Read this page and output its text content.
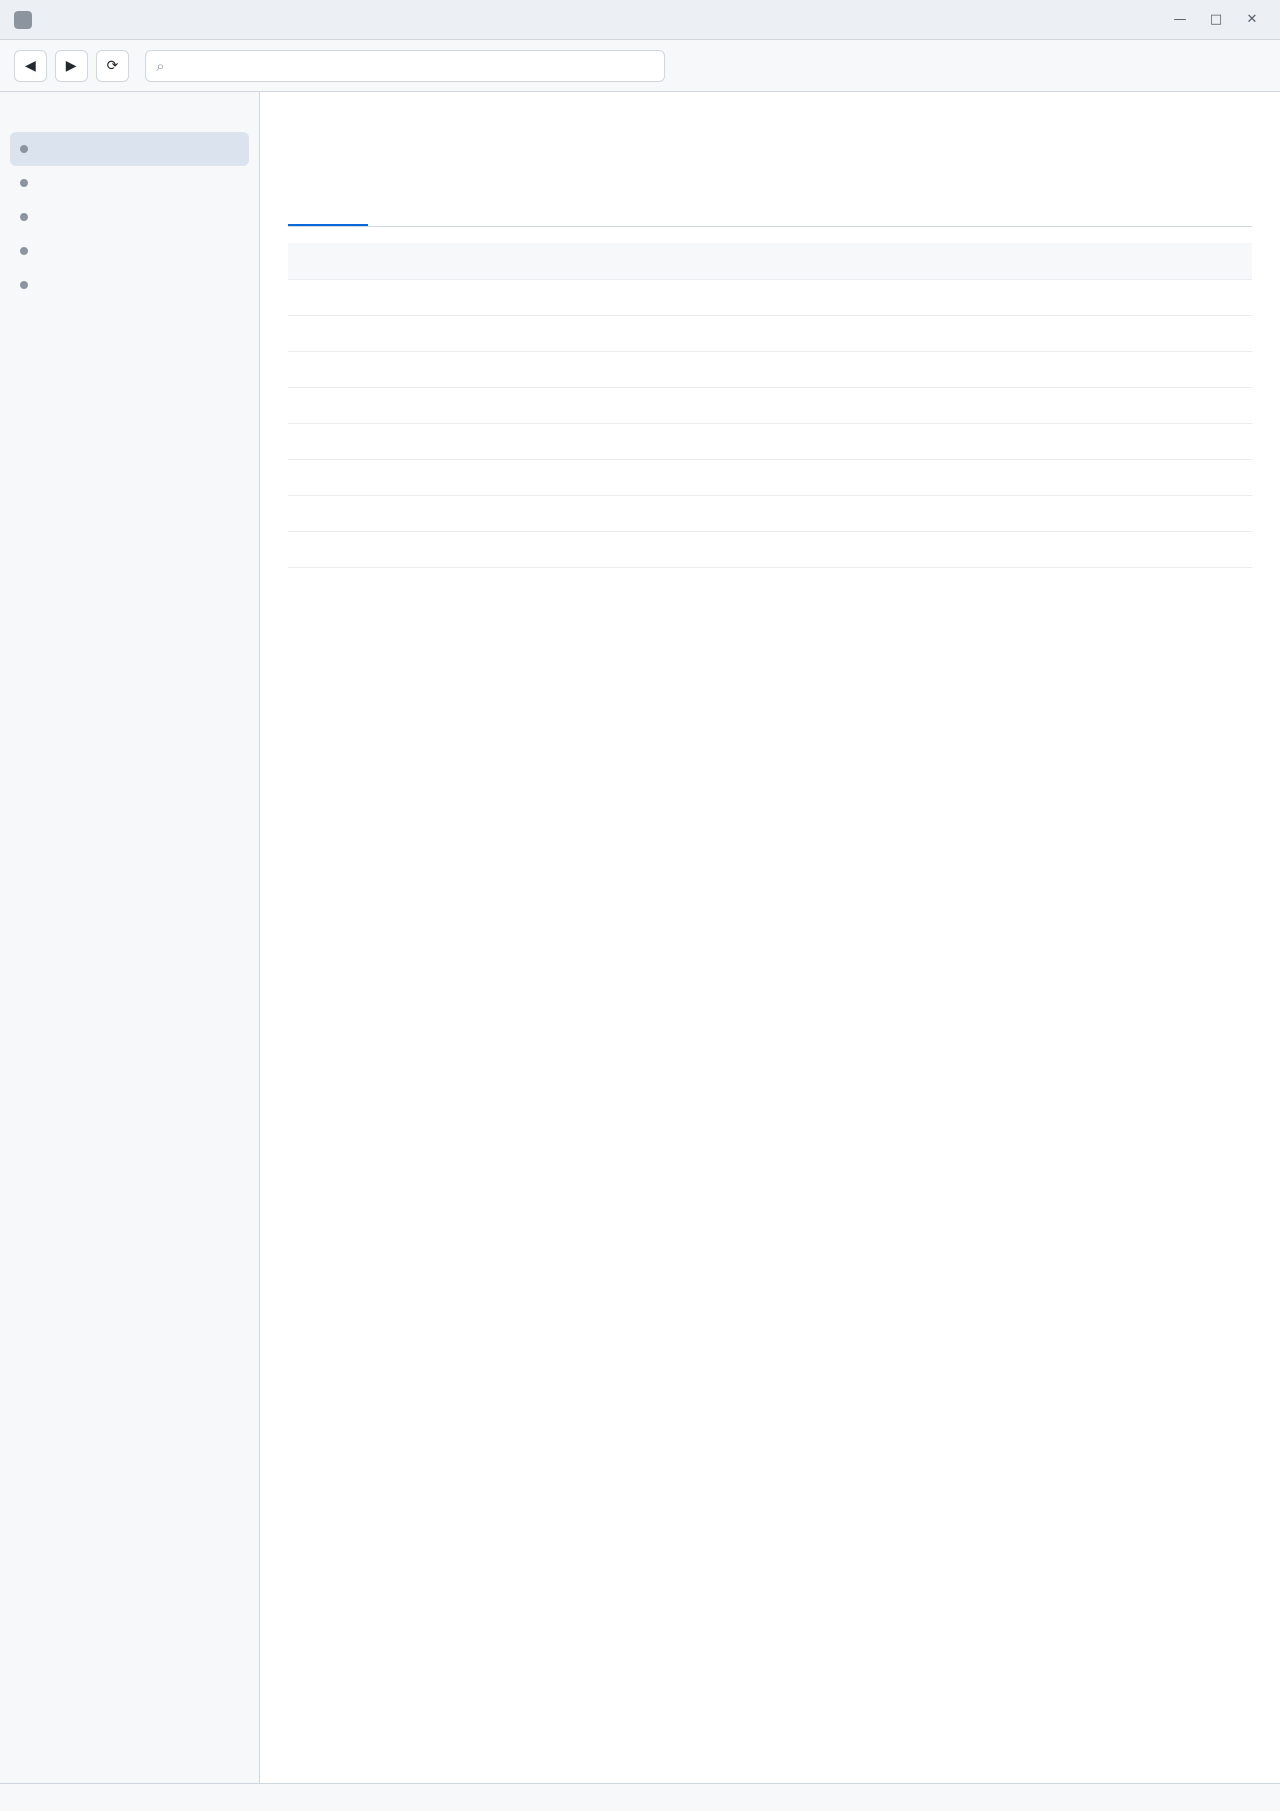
—	□	✕
◀	▶	⟳	⌕
